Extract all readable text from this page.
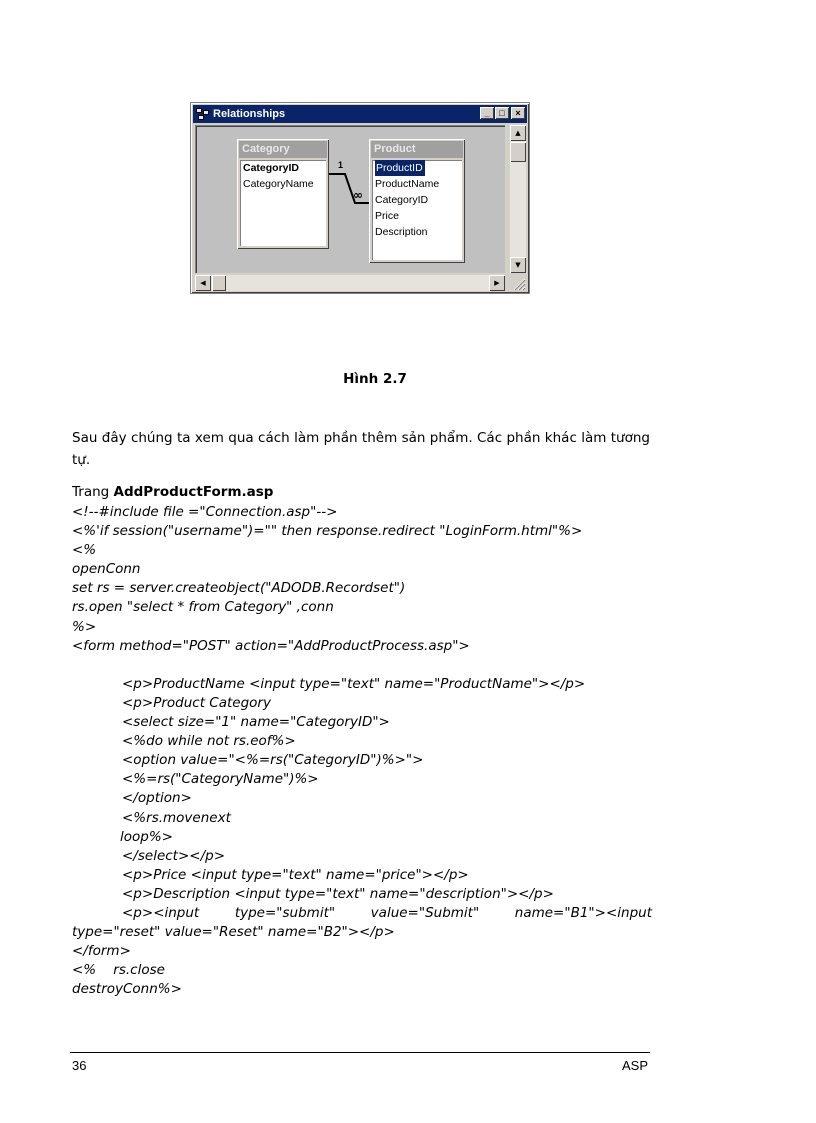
Relationships	_ □ ×
Category
CategoryID
CategoryName
1
∞
Product
ProductID
ProductName
CategoryID
Price
Description
▲
▼
◀	▶
Hình 2.7
Sau đây chúng ta xem qua cách làm phần thêm sản phẩm. Các phần khác làm tương tự.
Trang AddProductForm.asp
<!--#include file ="Connection.asp"-->
<%'if session("username")="" then response.redirect "LoginForm.html"%>
<%
openConn
set rs = server.createobject("ADODB.Recordset")
rs.open "select * from Category" ,conn
%>
<form method="POST" action="AddProductProcess.asp">
<p>ProductName <input type="text" name="ProductName"></p>
<p>Product Category
<select size="1" name="CategoryID">
<%do while not rs.eof%>
<option value="<%=rs("CategoryID")%>">
<%=rs("CategoryName")%>
</option>
<%rs.movenext
loop%>
</select></p>
<p>Price <input type="text" name="price"></p>
<p>Description <input type="text" name="description"></p>
<p><input type="submit" value="Submit" name="B1"><input
type="reset" value="Reset" name="B2"></p>
</form>
<%    rs.close
destroyConn%>
36	ASP
